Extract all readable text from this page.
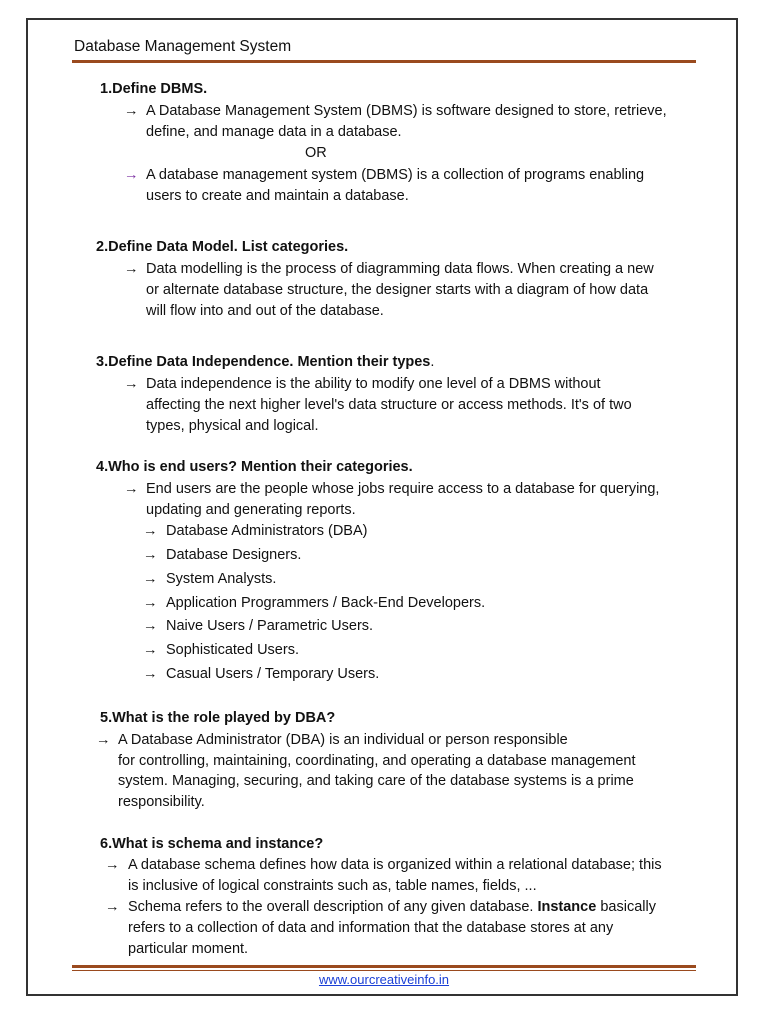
Database Management System
1.Define DBMS.
→ A Database Management System (DBMS) is software designed to store, retrieve,
define, and manage data in a database.
OR
→ A database management system (DBMS) is a collection of programs enabling
users to create and maintain a database.
2.Define Data Model. List categories.
→ Data modelling is the process of diagramming data flows. When creating a new
or alternate database structure, the designer starts with a diagram of how data
will flow into and out of the database.
3.Define Data Independence. Mention their types.
→ Data independence is the ability to modify one level of a DBMS without
affecting the next higher level's data structure or access methods. It's of two
types, physical and logical.
4.Who is end users? Mention their categories.
→ End users are the people whose jobs require access to a database for querying,
updating and generating reports.
→ Database Administrators (DBA)
→ Database Designers.
→ System Analysts.
→ Application Programmers / Back-End Developers.
→ Naive Users / Parametric Users.
→ Sophisticated Users.
→ Casual Users / Temporary Users.
5.What is the role played by DBA?
→ A Database Administrator (DBA) is an individual or person responsible
for controlling, maintaining, coordinating, and operating a database management
system. Managing, securing, and taking care of the database systems is a prime
responsibility.
6.What is schema and instance?
→ A database schema defines how data is organized within a relational database; this
is inclusive of logical constraints such as, table names, fields, ...
→ Schema refers to the overall description of any given database. Instance basically
refers to a collection of data and information that the database stores at any
particular moment.
www.ourcreativeinfo.in
